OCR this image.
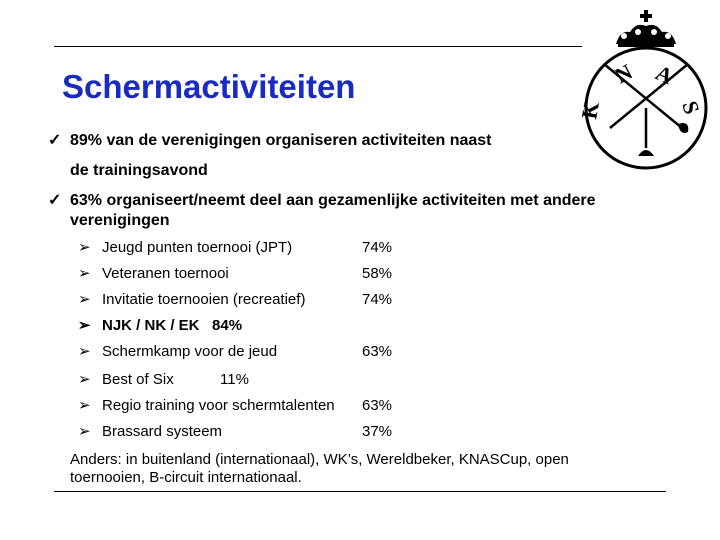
Schermactiviteiten	N A
K	S
✓ 89% van de verenigingen organiseren activiteiten naast
de trainingsavond
✓ 63% organiseert/neemt deel aan gezamenlijke activiteiten met andere
verenigingen
➢ Jeugd punten toernooi (JPT)	74%
➢ Veteranen toernooi	58%
➢ Invitatie toernooien (recreatief)	74%
➢ NJK / NK / EK 84%
➢ Schermkamp voor de jeud	63%
➢ Best of Six	11%
➢ Regio training voor schermtalenten 63%
➢ Brassard systeem	37%
Anders: in buitenland (internationaal), WK’s, Wereldbeker, KNASCup, open
toernooien, B-circuit internationaal.
